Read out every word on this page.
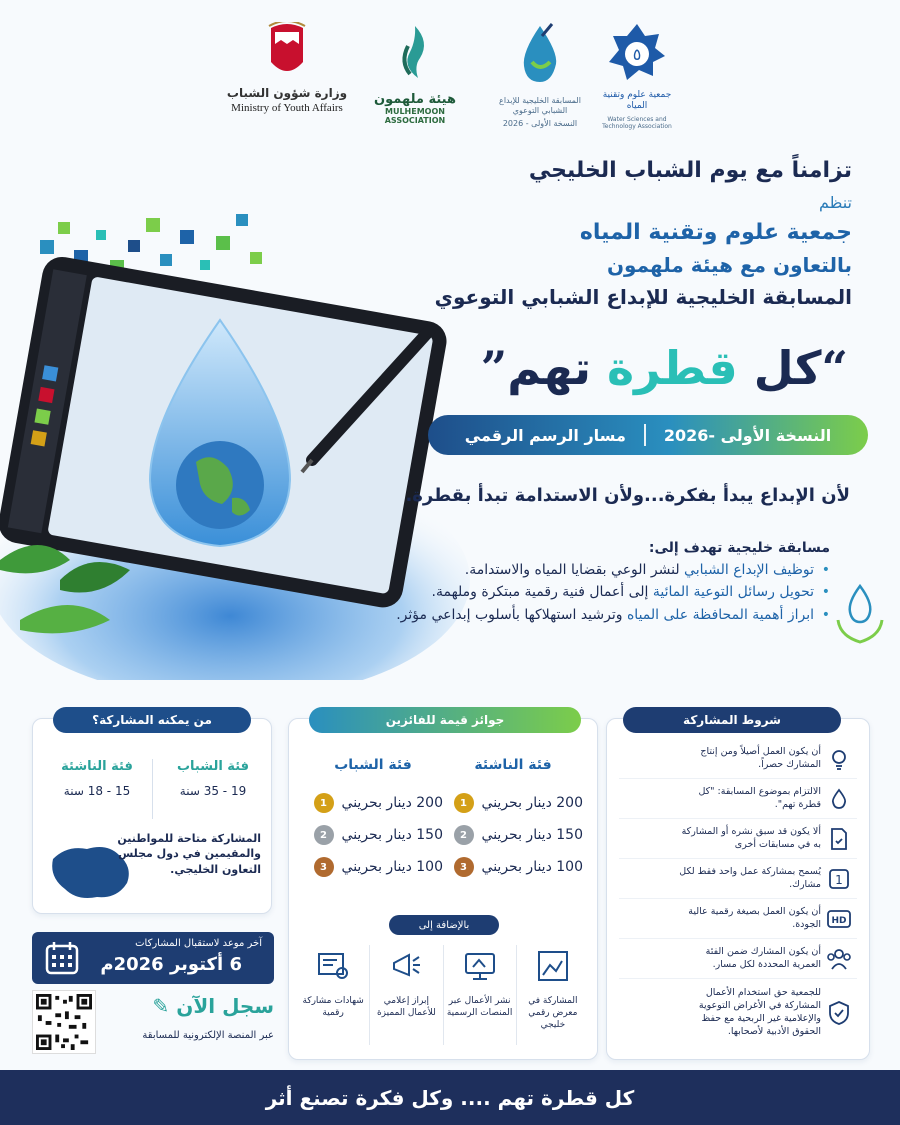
وزارة شؤون الشباب
Ministry of Youth Affairs
هيئة ملهمون
MULHEMOON ASSOCIATION
المسابقة الخليجية للإبداع الشبابي التوعوي
النسخة الأولى - 2026
٥
جمعية علوم وتقنية المياه
Water Sciences and Technology Association
تزامناً مع يوم الشباب الخليجي
تنظم
جمعية علوم وتقنية المياه
بالتعاون مع هيئة ملهمون
المسابقة الخليجية للإبداع الشبابي التوعوي
“كل قطرة تهم”
النسخة الأولى -2026
مسار الرسم الرقمي
لأن الإبداع يبدأ بفكرة...ولأن الاستدامة تبدأ بقطرة.
مسابقة خليجية تهدف إلى:
• توظيف الإبداع الشبابي لنشر الوعي بقضايا المياه والاستدامة.
• تحويل رسائل التوعية المائية إلى أعمال فنية رقمية مبتكرة وملهمة.
• ابراز أهمية المحافظة على المياه وترشيد استهلاكها بأسلوب إبداعي مؤثر.
من يمكنه المشاركة؟
فئة الشباب
19 - 35 سنة
فئة الناشئة
15 - 18 سنة
المشاركة متاحة للمواطنين والمقيمين في دول مجلس التعاون الخليجي.
آخر موعد لاستقبال المشاركات
6 أكتوبر 2026م
سجل الآن ✎
عبر المنصة الإلكترونية للمسابقة
جوائز قيمة للفائزين
فئة الناشئة
200 دينار بحريني
1
150 دينار بحريني
2
100 دينار بحريني
3
فئة الشباب
200 دينار بحريني
1
150 دينار بحريني
2
100 دينار بحريني
3
بالإضافة إلى
المشاركة في معرض رقمي خليجي
نشر الأعمال عبر المنصات الرسمية
إبراز إعلامي للأعمال المميزة
شهادات مشاركة رقمية
شروط المشاركة
أن يكون العمل أصيلاً ومن إنتاج المشارك حصراً.
الالتزام بموضوع المسابقة: "كل قطرة تهم".
ألا يكون قد سبق نشره أو المشاركة به في مسابقات أخرى
1
يُسمح بمشاركة عمل واحد فقط لكل مشارك.
HD
أن يكون العمل بصيغة رقمية عالية الجودة.
أن يكون المشارك ضمن الفئة العمرية المحددة لكل مسار.
للجمعية حق استخدام الأعمال المشاركة في الأغراض التوعوية والإعلامية غير الربحية مع حفظ الحقوق الأدبية لأصحابها.
كل قطرة تهم .... وكل فكرة تصنع أثر
